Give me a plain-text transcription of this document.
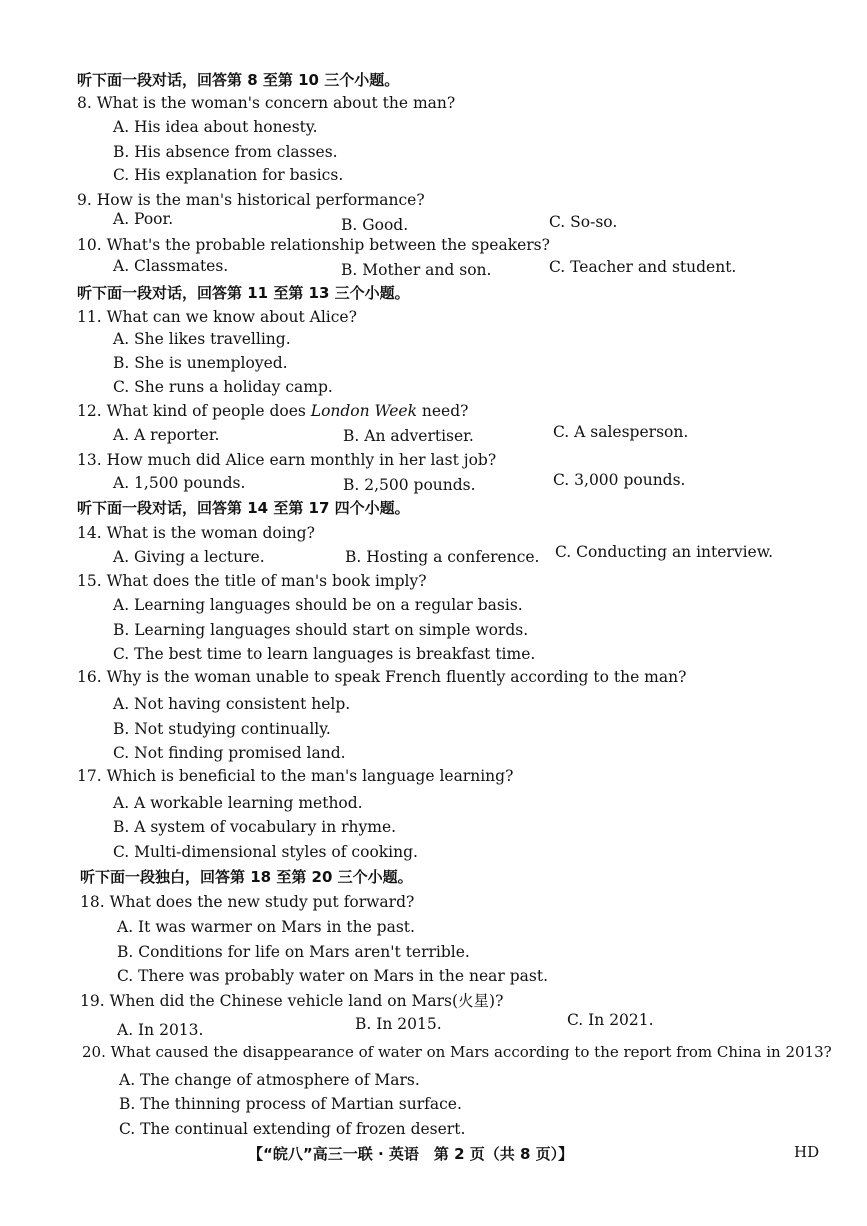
听下面一段对话，回答第 8 至第 10 三个小题。
8. What is the woman's concern about the man?
A. His idea about honesty.
B. His absence from classes.
C. His explanation for basics.
9. How is the man's historical performance?
A. Poor.	B. Good.	C. So-so.
10. What's the probable relationship between the speakers?
A. Classmates.	B. Mother and son.	C. Teacher and student.
听下面一段对话，回答第 11 至第 13 三个小题。
11. What can we know about Alice?
A. She likes travelling.
B. She is unemployed.
C. She runs a holiday camp.
12. What kind of people does London Week need?
A. A reporter.	B. An advertiser.	C. A salesperson.
13. How much did Alice earn monthly in her last job?
A. 1,500 pounds.	B. 2,500 pounds.	C. 3,000 pounds.
听下面一段对话，回答第 14 至第 17 四个小题。
14. What is the woman doing?
A. Giving a lecture.	B. Hosting a conference. C. Conducting an interview.
15. What does the title of man's book imply?
A. Learning languages should be on a regular basis.
B. Learning languages should start on simple words.
C. The best time to learn languages is breakfast time.
16. Why is the woman unable to speak French fluently according to the man?
A. Not having consistent help.
B. Not studying continually.
C. Not finding promised land.
17. Which is beneficial to the man's language learning?
A. A workable learning method.
B. A system of vocabulary in rhyme.
C. Multi-dimensional styles of cooking.
听下面一段独白，回答第 18 至第 20 三个小题。
18. What does the new study put forward?
A. It was warmer on Mars in the past.
B. Conditions for life on Mars aren't terrible.
C. There was probably water on Mars in the near past.
19. When did the Chinese vehicle land on Mars(火星)?
A. In 2013.	B. In 2015.	C. In 2021.
20. What caused the disappearance of water on Mars according to the report from China in 2013?
A. The change of atmosphere of Mars.
B. The thinning process of Martian surface.
C. The continual extending of frozen desert.
【“皖八”高三一联 · 英语　第 2 页（共 8 页）】	HD
